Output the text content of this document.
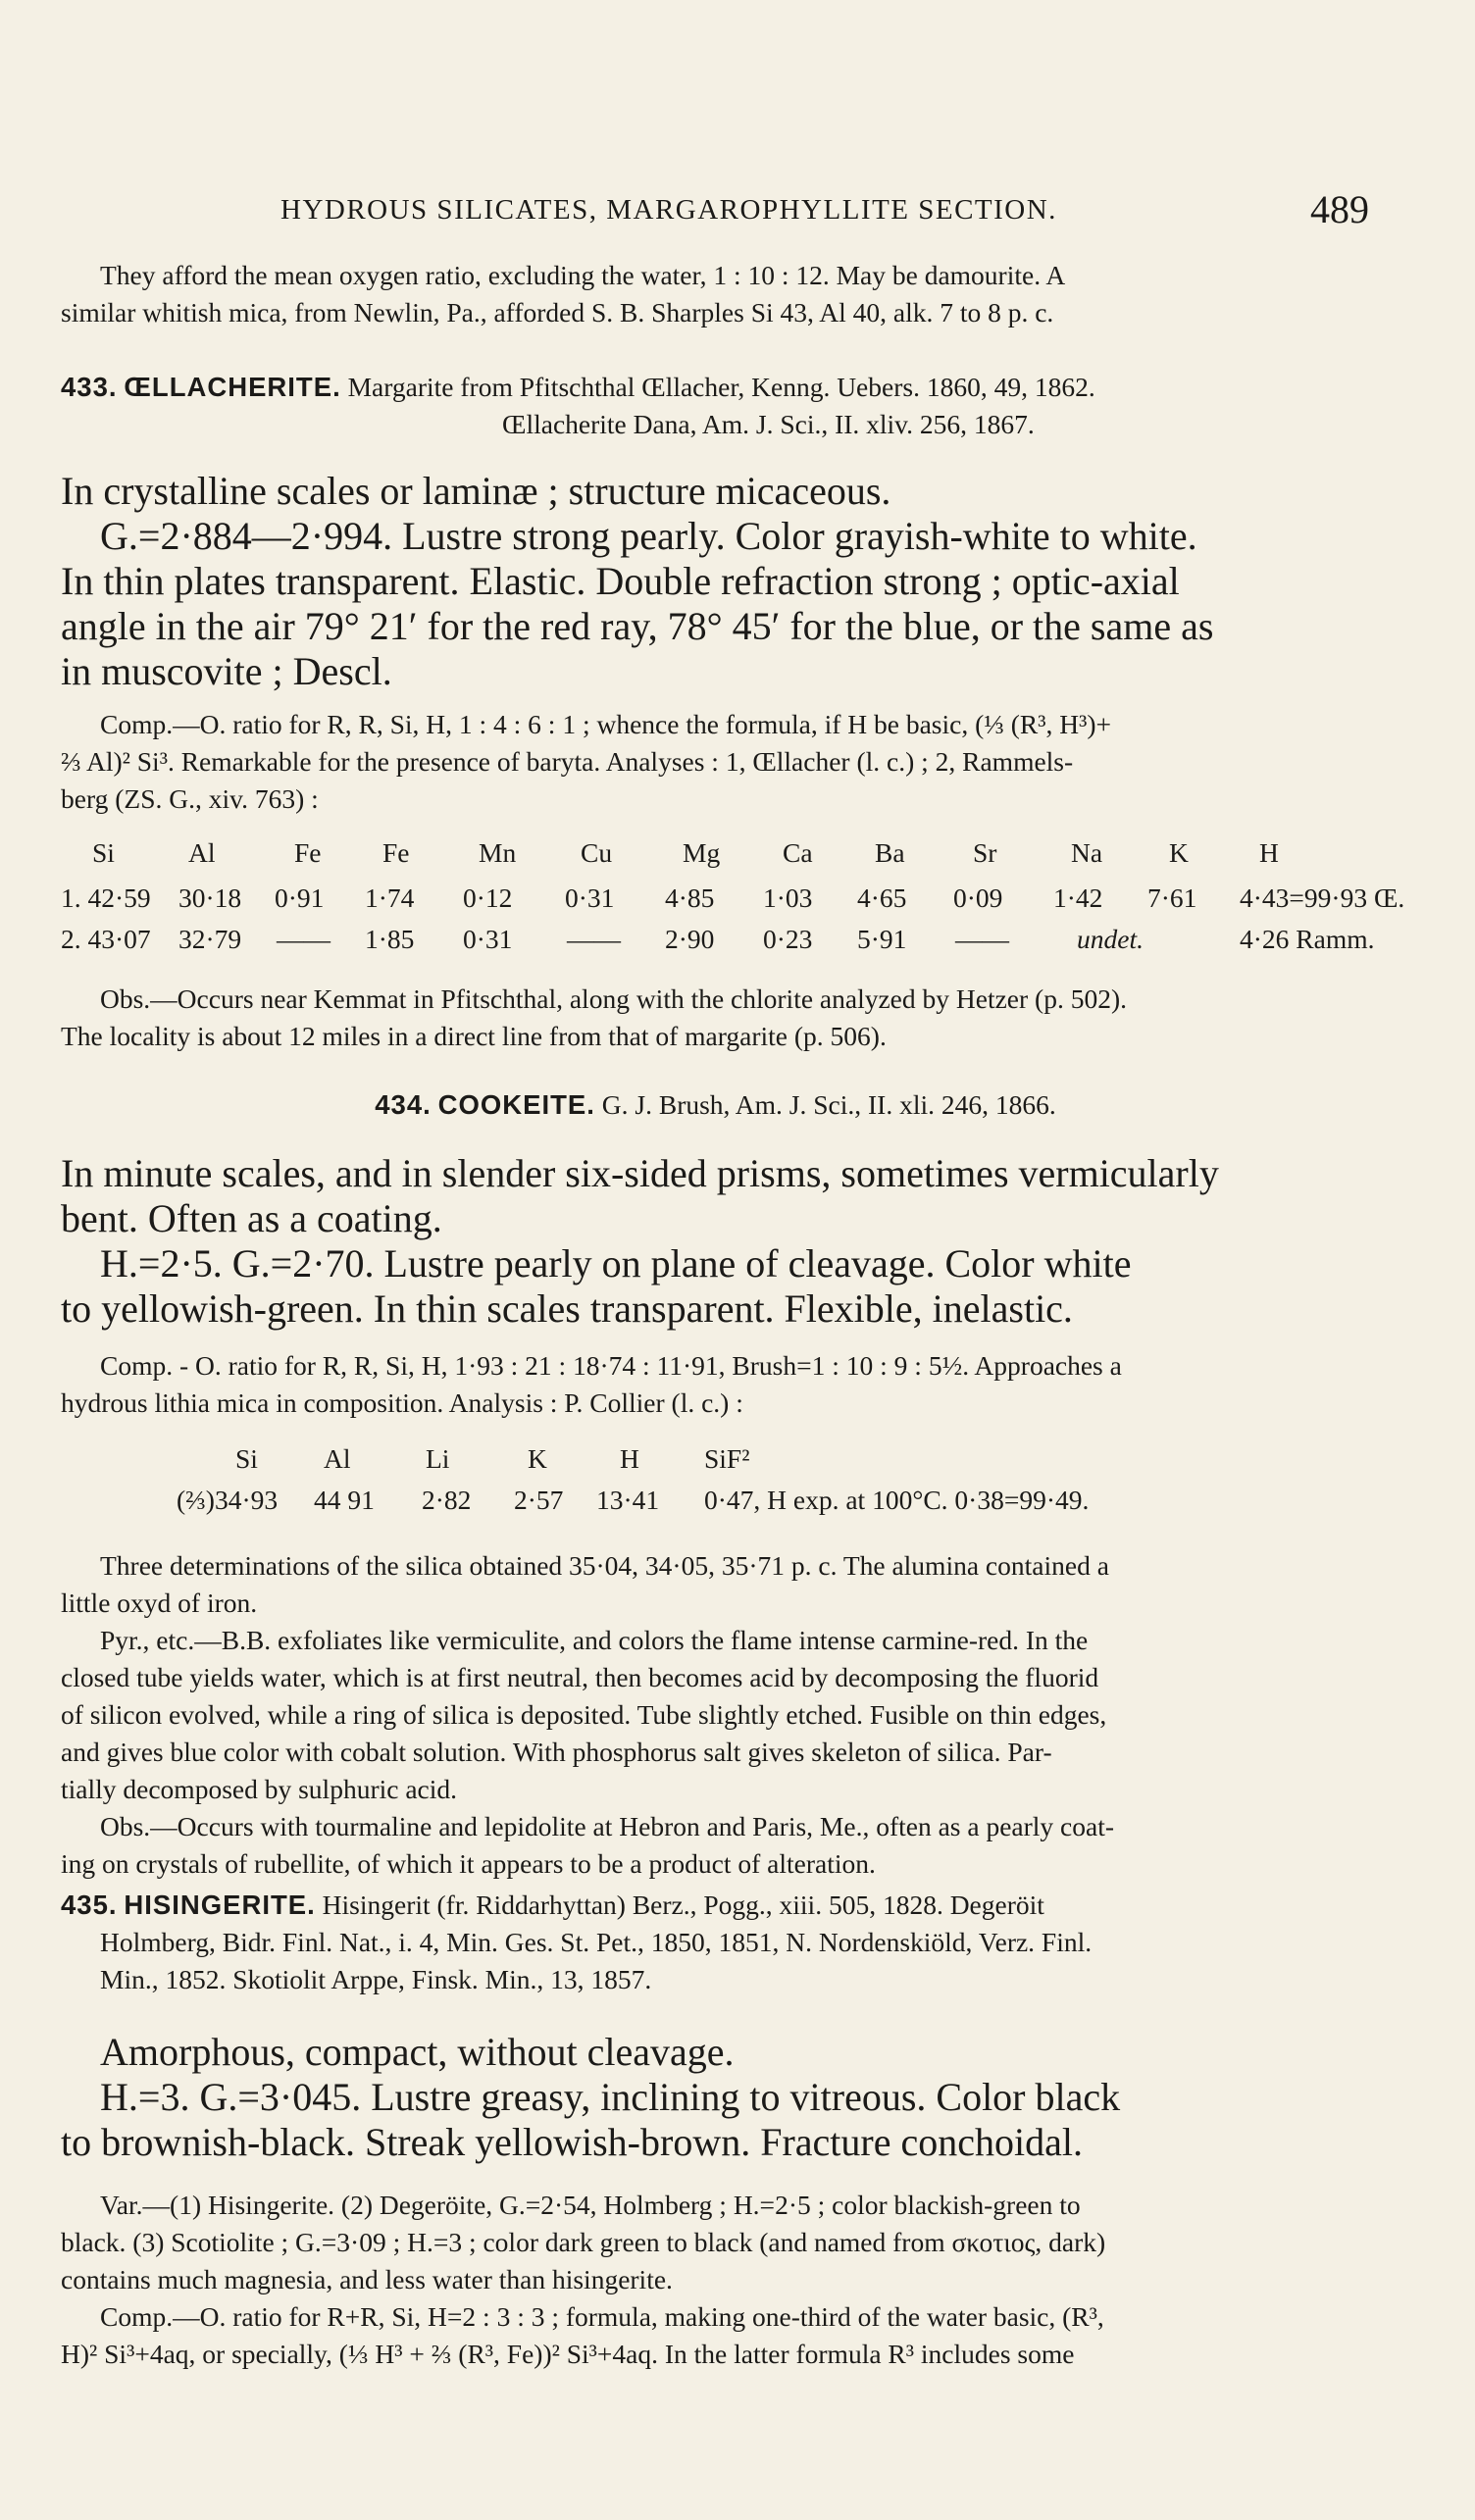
HYDROUS SILICATES, MARGAROPHYLLITE SECTION.	489
They afford the mean oxygen ratio, excluding the water, 1 : 10 : 12. May be damourite. A
similar whitish mica, from Newlin, Pa., afforded S. B. Sharples Si 43, Al 40, alk. 7 to 8 p. c.
433. ŒLLACHERITE. Margarite from Pfitschthal Œllacher, Kenng. Uebers. 1860, 49, 1862.
Œllacherite Dana, Am. J. Sci., II. xliv. 256, 1867.
In crystalline scales or laminæ ; structure micaceous.
G.=2·884—2·994. Lustre strong pearly. Color grayish-white to white.
In thin plates transparent. Elastic. Double refraction strong ; optic-axial
angle in the air 79° 21′ for the red ray, 78° 45′ for the blue, or the same as
in muscovite ; Descl.
Comp.—O. ratio for R, R, Si, H, 1 : 4 : 6 : 1 ; whence the formula, if H be basic, (⅓ (R³, H³)+
⅔ Al)² Si³. Remarkable for the presence of baryta. Analyses : 1, Œllacher (l. c.) ; 2, Rammels-
berg (ZS. G., xiv. 763) :
Si	Al	Fe Fe	Mn Cu	Mg Ca Ba	Sr	Na K	H
1. 42·59 30·18 0·91 1·74 0·12 0·31 4·85 1·03 4·65 0·09 1·42 7·61 4·43=99·93 Œ.
2. 43·07 32·79 —— 1·85 0·31 —— 2·90 0·23 5·91 ——	undet.	4·26 Ramm.
Obs.—Occurs near Kemmat in Pfitschthal, along with the chlorite analyzed by Hetzer (p. 502).
The locality is about 12 miles in a direct line from that of margarite (p. 506).
434. COOKEITE. G. J. Brush, Am. J. Sci., II. xli. 246, 1866.
In minute scales, and in slender six-sided prisms, sometimes vermicularly
bent. Often as a coating.
H.=2·5. G.=2·70. Lustre pearly on plane of cleavage. Color white
to yellowish-green. In thin scales transparent. Flexible, inelastic.
Comp. - O. ratio for R, R, Si, H, 1·93 : 21 : 18·74 : 11·91, Brush=1 : 10 : 9 : 5½. Approaches a
hydrous lithia mica in composition. Analysis : P. Collier (l. c.) :
Si Al	Li	K	H SiF²
(⅔)34·93 44 91 2·82 2·57 13·41 0·47, H exp. at 100°C. 0·38=99·49.
Three determinations of the silica obtained 35·04, 34·05, 35·71 p. c. The alumina contained a
little oxyd of iron.
Pyr., etc.—B.B. exfoliates like vermiculite, and colors the flame intense carmine-red. In the
closed tube yields water, which is at first neutral, then becomes acid by decomposing the fluorid
of silicon evolved, while a ring of silica is deposited. Tube slightly etched. Fusible on thin edges,
and gives blue color with cobalt solution. With phosphorus salt gives skeleton of silica. Par-
tially decomposed by sulphuric acid.
Obs.—Occurs with tourmaline and lepidolite at Hebron and Paris, Me., often as a pearly coat-
ing on crystals of rubellite, of which it appears to be a product of alteration.
435. HISINGERITE. Hisingerit (fr. Riddarhyttan) Berz., Pogg., xiii. 505, 1828. Degeröit
Holmberg, Bidr. Finl. Nat., i. 4, Min. Ges. St. Pet., 1850, 1851, N. Nordenskiöld, Verz. Finl.
Min., 1852. Skotiolit Arppe, Finsk. Min., 13, 1857.
Amorphous, compact, without cleavage.
H.=3. G.=3·045. Lustre greasy, inclining to vitreous. Color black
to brownish-black. Streak yellowish-brown. Fracture conchoidal.
Var.—(1) Hisingerite. (2) Degeröite, G.=2·54, Holmberg ; H.=2·5 ; color blackish-green to
black. (3) Scotiolite ; G.=3·09 ; H.=3 ; color dark green to black (and named from σκοτιος, dark)
contains much magnesia, and less water than hisingerite.
Comp.—O. ratio for R+R, Si, H=2 : 3 : 3 ; formula, making one-third of the water basic, (R³,
H)² Si³+4aq, or specially, (⅓ H³ + ⅔ (R³, Fe))² Si³+4aq. In the latter formula R³ includes some
